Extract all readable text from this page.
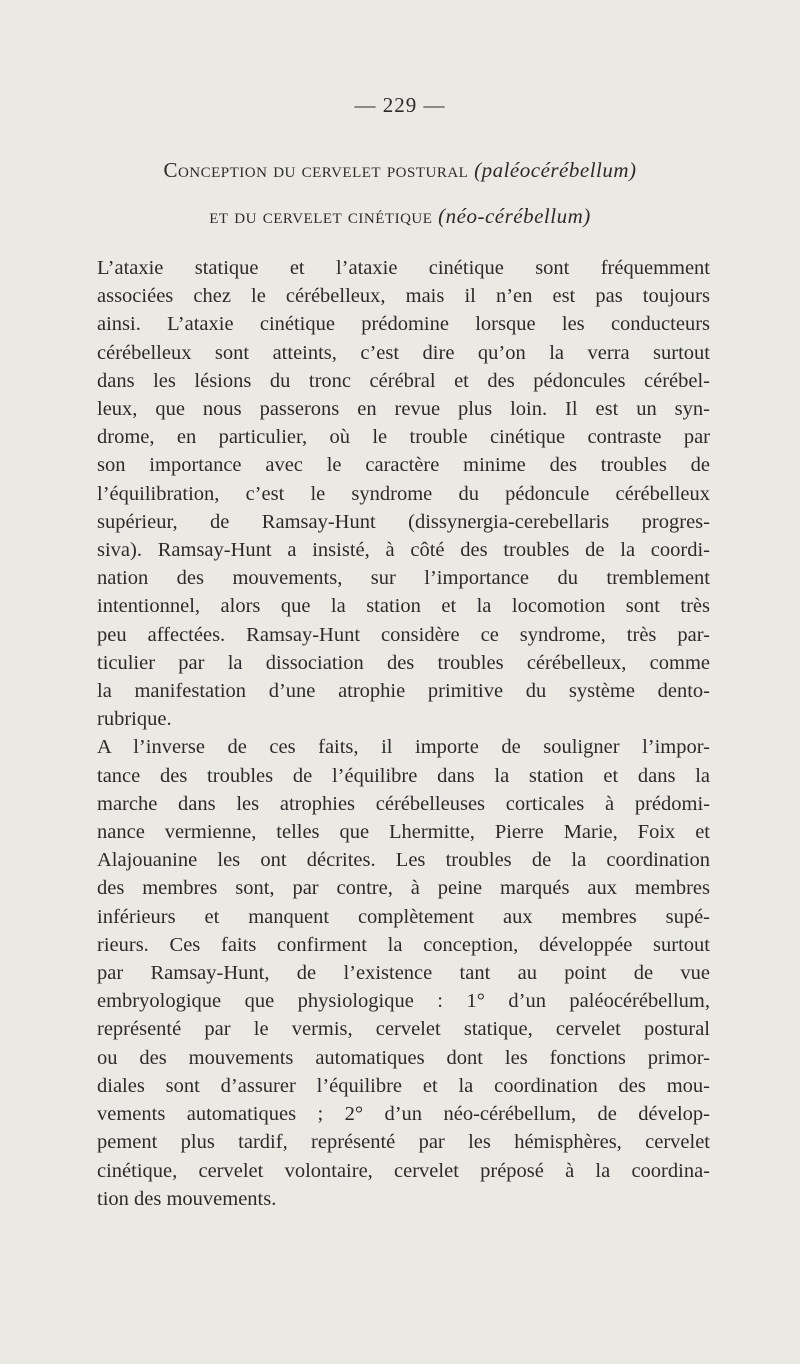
— 229 —
Conception du cervelet postural (paléocérébellum)
et du cervelet cinétique (néo-cérébellum)

L’ataxie statique et l’ataxie cinétique sont fréquemment
associées chez le cérébelleux, mais il n’en est pas toujours
ainsi. L’ataxie cinétique prédomine lorsque les conducteurs
cérébelleux sont atteints, c’est dire qu’on la verra surtout
dans les lésions du tronc cérébral et des pédoncules cérébel-
leux, que nous passerons en revue plus loin. Il est un syn-
drome, en particulier, où le trouble cinétique contraste par
son importance avec le caractère minime des troubles de
l’équilibration, c’est le syndrome du pédoncule cérébelleux
supérieur, de Ramsay-Hunt (dissynergia-cerebellaris progres-
siva). Ramsay-Hunt a insisté, à côté des troubles de la coordi-
nation des mouvements, sur l’importance du tremblement
intentionnel, alors que la station et la locomotion sont très
peu affectées. Ramsay-Hunt considère ce syndrome, très par-
ticulier par la dissociation des troubles cérébelleux, comme
la manifestation d’une atrophie primitive du système dento-
rubrique.

A l’inverse de ces faits, il importe de souligner l’impor-
tance des troubles de l’équilibre dans la station et dans la
marche dans les atrophies cérébelleuses corticales à prédomi-
nance vermienne, telles que Lhermitte, Pierre Marie, Foix et
Alajouanine les ont décrites. Les troubles de la coordination
des membres sont, par contre, à peine marqués aux membres
inférieurs et manquent complètement aux membres supé-
rieurs. Ces faits confirment la conception, développée surtout
par Ramsay-Hunt, de l’existence tant au point de vue
embryologique que physiologique : 1° d’un paléocérébellum,
représenté par le vermis, cervelet statique, cervelet postural
ou des mouvements automatiques dont les fonctions primor-
diales sont d’assurer l’équilibre et la coordination des mou-
vements automatiques ; 2° d’un néo-cérébellum, de dévelop-
pement plus tardif, représenté par les hémisphères, cervelet
cinétique, cervelet volontaire, cervelet préposé à la coordina-
tion des mouvements.
